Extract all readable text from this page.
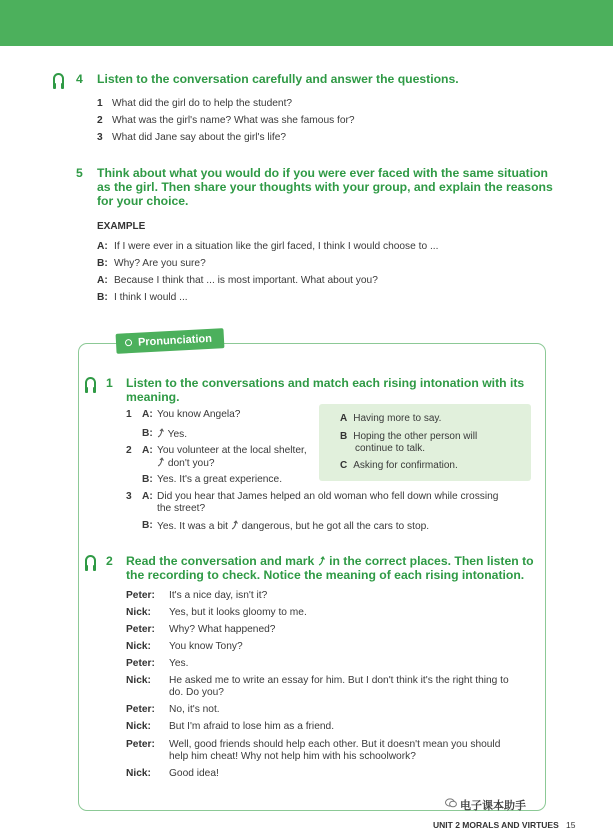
4 Listen to the conversation carefully and answer the questions.
1 What did the girl do to help the student?
2 What was the girl's name? What was she famous for?
3 What did Jane say about the girl's life?
5 Think about what you would do if you were ever faced with the same situation
as the girl. Then share your thoughts with your group, and explain the reasons
for your choice.
EXAMPLE
A: If I were ever in a situation like the girl faced, I think I would choose to ...
B: Why? Are you sure?
A: Because I think that ... is most important. What about you?
B: I think I would ...
Pronunciation
1 Listen to the conversations and match each rising intonation with its
meaning.
1 A: You know Angela?
B:	Yes.
2 A: You volunteer at the local shelter,
don't you?
B: Yes. It's a great experience.
3 A: Did you hear that James helped an old woman who fell down while crossing
the street?
B: Yes. It was a bit dangerous, but he got all the cars to stop.
A Having more to say.
B Hoping the other person will
continue to talk.
C Asking for confirmation.
2 Read the conversation and mark in the correct places. Then listen to
the recording to check. Notice the meaning of each rising intonation.
Peter: It's a nice day, isn't it?
Nick: Yes, but it looks gloomy to me.
Peter: Why? What happened?
Nick: You know Tony?
Peter: Yes.
Nick: He asked me to write an essay for him. But I don't think it's the right thing to
do. Do you?
Peter: No, it's not.
Nick: But I'm afraid to lose him as a friend.
Peter: Well, good friends should help each other. But it doesn't mean you should
help him cheat! Why not help him with his schoolwork?
Nick: Good idea!
电子课本助手
UNIT 2 MORALS AND VIRTUES 15
